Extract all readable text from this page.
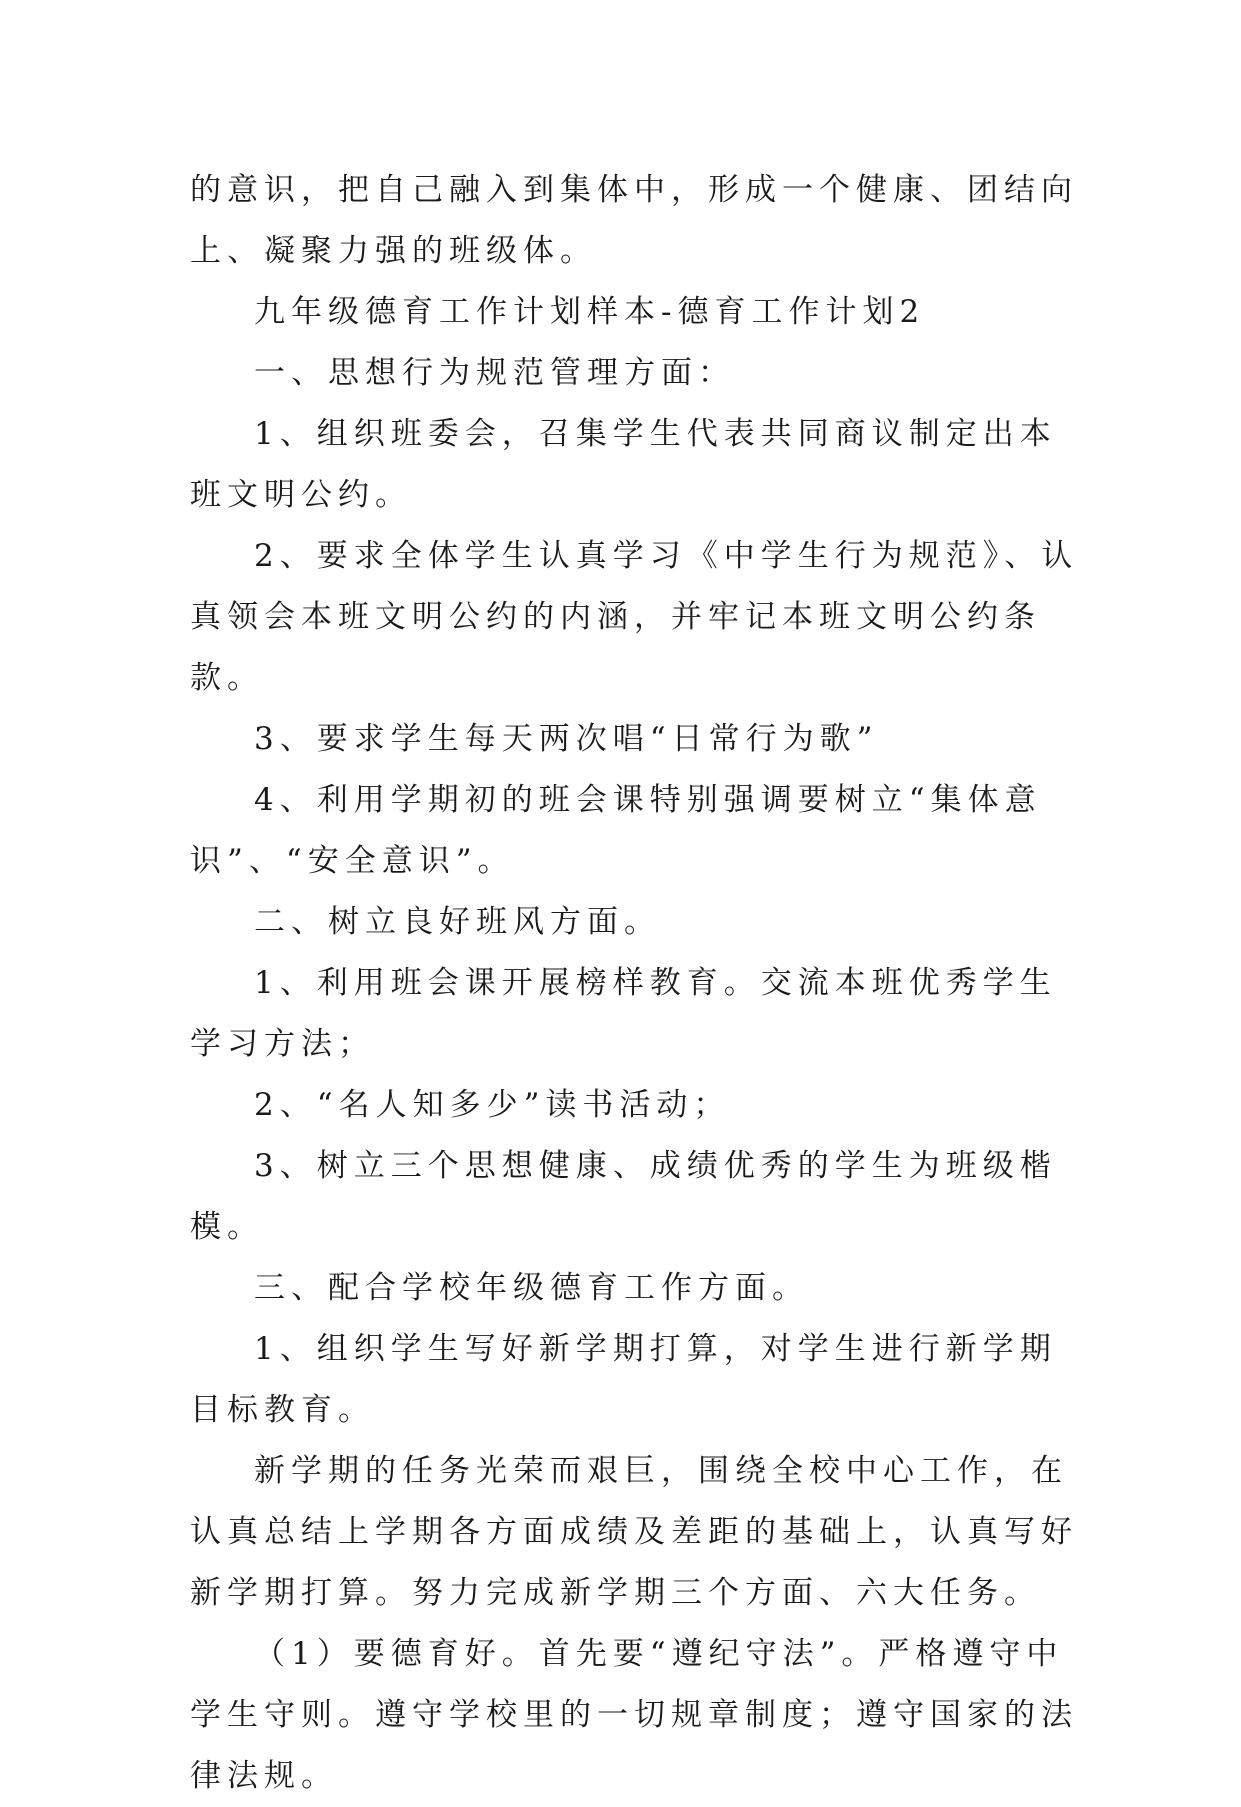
的意识，把自己融入到集体中，形成一个健康、团结向上、凝聚力强的班级体。

九年级德育工作计划样本-德育工作计划2

一、思想行为规范管理方面：

1、组织班委会，召集学生代表共同商议制定出本班文明公约。

2、要求全体学生认真学习《中学生行为规范》、认真领会本班文明公约的内涵，并牢记本班文明公约条款。

3、要求学生每天两次唱“日常行为歌”

4、利用学期初的班会课特别强调要树立“集体意识”、“安全意识”。

二、树立良好班风方面。

1、利用班会课开展榜样教育。交流本班优秀学生学习方法；

2、“名人知多少”读书活动；

3、树立三个思想健康、成绩优秀的学生为班级楷模。

三、配合学校年级德育工作方面。

1、组织学生写好新学期打算，对学生进行新学期目标教育。

新学期的任务光荣而艰巨，围绕全校中心工作，在认真总结上学期各方面成绩及差距的基础上，认真写好新学期打算。努力完成新学期三个方面、六大任务。

（1）要德育好。首先要“遵纪守法”。严格遵守中学生守则。遵守学校里的一切规章制度；遵守国家的法律法规。
